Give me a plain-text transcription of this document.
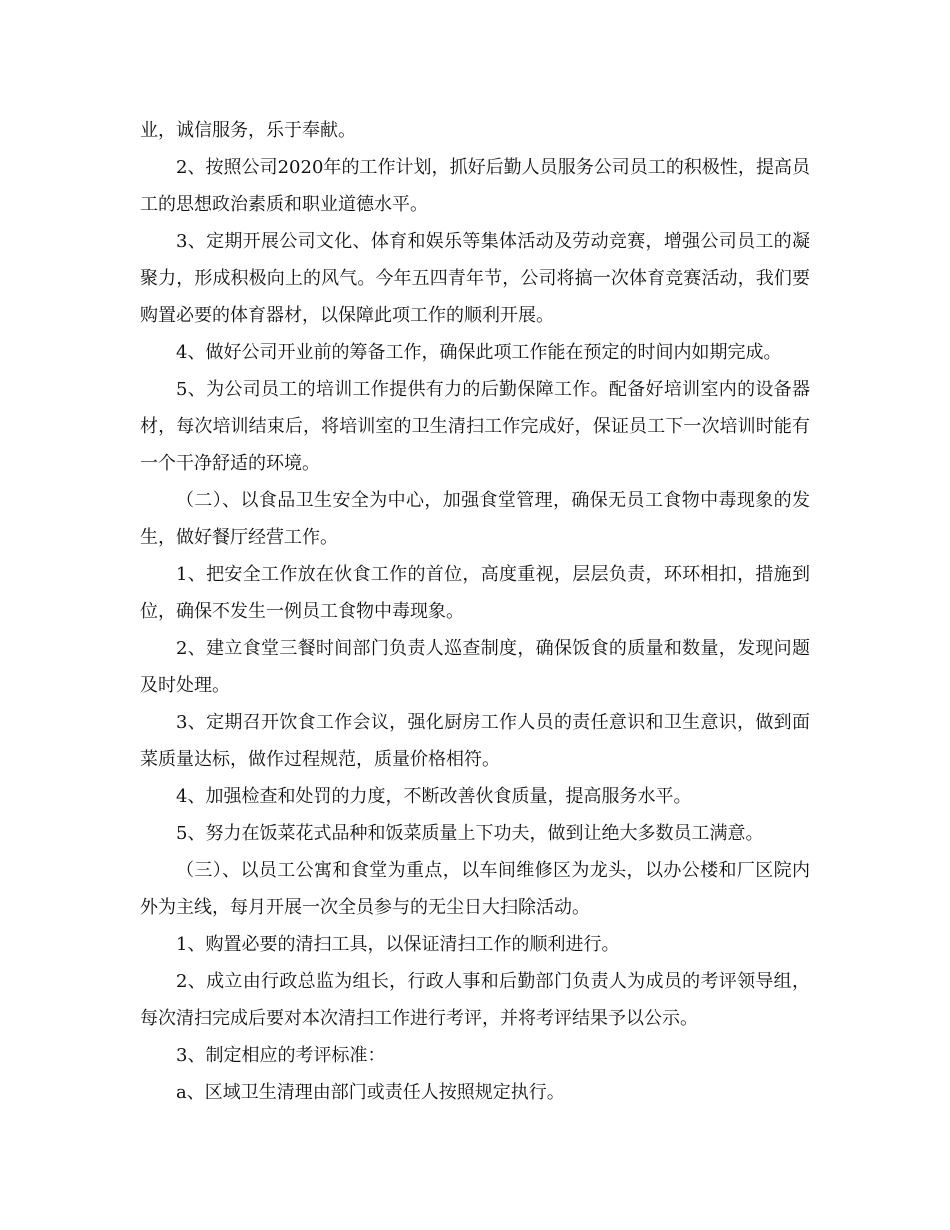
业，诚信服务，乐于奉献。

2、按照公司2020年的工作计划，抓好后勤人员服务公司员工的积极性，提高员工的思想政治素质和职业道德水平。

3、定期开展公司文化、体育和娱乐等集体活动及劳动竞赛，增强公司员工的凝聚力，形成积极向上的风气。今年五四青年节，公司将搞一次体育竞赛活动，我们要购置必要的体育器材，以保障此项工作的顺利开展。

4、做好公司开业前的筹备工作，确保此项工作能在预定的时间内如期完成。

5、为公司员工的培训工作提供有力的后勤保障工作。配备好培训室内的设备器材，每次培训结束后，将培训室的卫生清扫工作完成好，保证员工下一次培训时能有一个干净舒适的环境。

（二）、以食品卫生安全为中心，加强食堂管理，确保无员工食物中毒现象的发生，做好餐厅经营工作。

1、把安全工作放在伙食工作的首位，高度重视，层层负责，环环相扣，措施到位，确保不发生一例员工食物中毒现象。

2、建立食堂三餐时间部门负责人巡查制度，确保饭食的质量和数量，发现问题及时处理。

3、定期召开饮食工作会议，强化厨房工作人员的责任意识和卫生意识，做到面菜质量达标，做作过程规范，质量价格相符。

4、加强检查和处罚的力度，不断改善伙食质量，提高服务水平。

5、努力在饭菜花式品种和饭菜质量上下功夫，做到让绝大多数员工满意。

（三）、以员工公寓和食堂为重点，以车间维修区为龙头，以办公楼和厂区院内外为主线，每月开展一次全员参与的无尘日大扫除活动。

1、购置必要的清扫工具，以保证清扫工作的顺利进行。

2、成立由行政总监为组长，行政人事和后勤部门负责人为成员的考评领导组，每次清扫完成后要对本次清扫工作进行考评，并将考评结果予以公示。

3、制定相应的考评标准：

a、区域卫生清理由部门或责任人按照规定执行。
